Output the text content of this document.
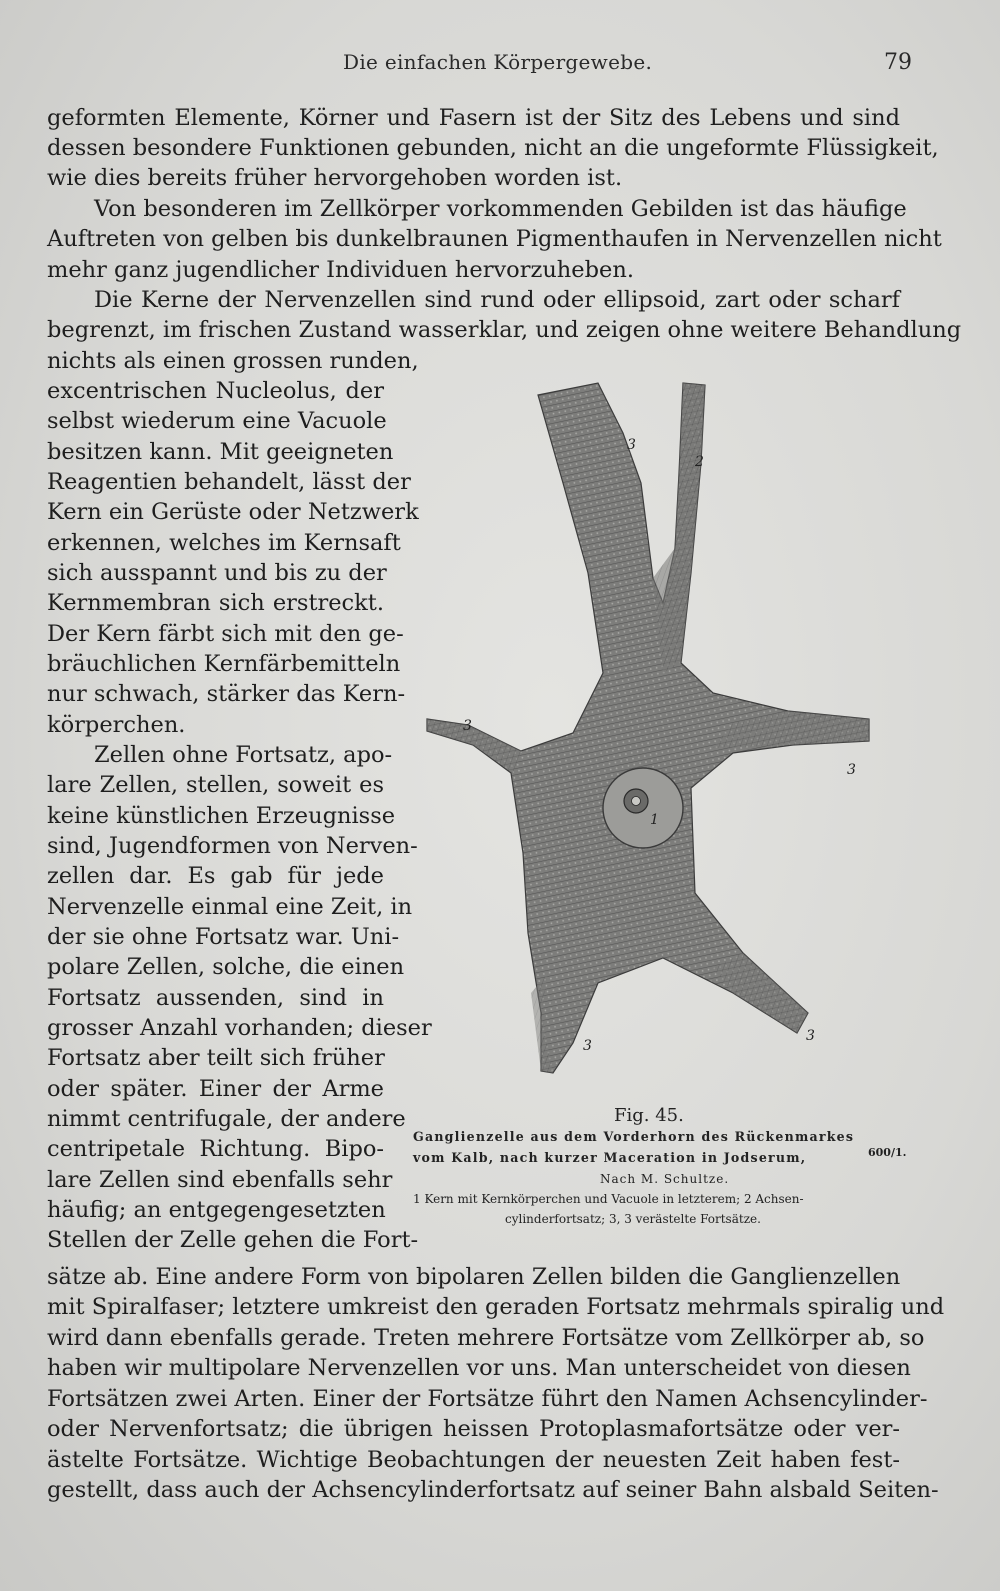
Die einfachen Körpergewebe.	79
geformten Elemente, Körner und Fasern ist der Sitz des Lebens und sind
dessen besondere Funktionen gebunden, nicht an die ungeformte Flüssigkeit,
wie dies bereits früher hervorgehoben worden ist.
Von besonderen im Zellkörper vorkommenden Gebilden ist das häufige
Auftreten von gelben bis dunkelbraunen Pigmenthaufen in Nervenzellen nicht
mehr ganz jugendlicher Individuen hervorzuheben.
Die Kerne der Nervenzellen sind rund oder ellipsoid, zart oder scharf
begrenzt, im frischen Zustand wasserklar, und zeigen ohne weitere Behandlung
nichts als einen grossen runden,
excentrischen Nucleolus, der
selbst wiederum eine Vacuole
besitzen kann. Mit geeigneten
Reagentien behandelt, lässt der
Kern ein Gerüste oder Netzwerk
erkennen, welches im Kernsaft
sich ausspannt und bis zu der
Kernmembran sich erstreckt.
Der Kern färbt sich mit den ge-
bräuchlichen Kernfärbemitteln
nur schwach, stärker das Kern-
körperchen.
Zellen ohne Fortsatz, apo-
lare Zellen, stellen, soweit es
keine künstlichen Erzeugnisse
sind, Jugendformen von Nerven-
zellen dar. Es gab für jede
Nervenzelle einmal eine Zeit, in
der sie ohne Fortsatz war. Uni-
polare Zellen, solche, die einen
Fortsatz aussenden, sind in
grosser Anzahl vorhanden; dieser
Fortsatz aber teilt sich früher
oder später. Einer der Arme
nimmt centrifugale, der andere
centripetale Richtung. Bipo-
lare Zellen sind ebenfalls sehr
häufig; an entgegengesetzten
Stellen der Zelle gehen die Fort-
3
2
3
3
1
3
3
Fig. 45.
Ganglienzelle aus dem Vorderhorn des Rückenmarkes
vom Kalb, nach kurzer Maceration in Jodserum,	600/1.
Nach M. Schultze.
1 Kern mit Kernkörperchen und Vacuole in letzterem; 2 Achsen-
cylinderfortsatz; 3, 3 verästelte Fortsätze.
sätze ab. Eine andere Form von bipolaren Zellen bilden die Ganglienzellen
mit Spiralfaser; letztere umkreist den geraden Fortsatz mehrmals spiralig und
wird dann ebenfalls gerade. Treten mehrere Fortsätze vom Zellkörper ab, so
haben wir multipolare Nervenzellen vor uns. Man unterscheidet von diesen
Fortsätzen zwei Arten. Einer der Fortsätze führt den Namen Achsencylinder-
oder Nervenfortsatz; die übrigen heissen Protoplasmafortsätze oder ver-
ästelte Fortsätze. Wichtige Beobachtungen der neuesten Zeit haben fest-
gestellt, dass auch der Achsencylinderfortsatz auf seiner Bahn alsbald Seiten-
